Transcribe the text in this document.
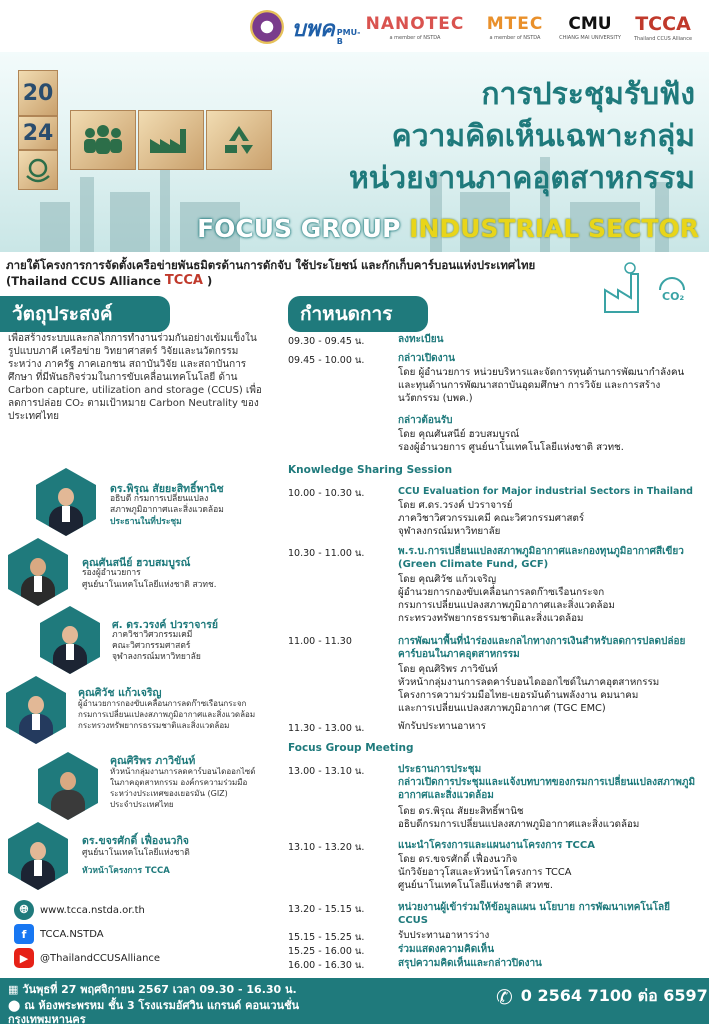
บพค PMU-B
NANOTEC
a member of NSTDA
MTEC
a member of NSTDA
CMU
CHIANG MAI UNIVERSITY
TCCA
Thailand CCUS Alliance
20
24
การประชุมรับฟัง
ความคิดเห็นเฉพาะกลุ่ม
หน่วยงานภาคอุตสาหกรรม
FOCUS GROUP INDUSTRIAL SECTOR
ภายใต้โครงการการจัดตั้งเครือข่ายพันธมิตรด้านการดักจับ ใช้ประโยชน์ และกักเก็บคาร์บอนแห่งประเทศไทย
(Thailand CCUS Alliance TCCA )
CO₂
วัตถุประสงค์
เพื่อสร้างระบบและกลไกการทำงานร่วมกันอย่างเข้มแข็งในรูปแบบภาคี เครือข่าย วิทยาศาสตร์ วิจัยและนวัตกรรม ระหว่าง ภาครัฐ ภาคเอกชน สถาบันวิจัย และสถาบันการศึกษา ที่มีพันธกิจร่วมในการขับเคลื่อนเทคโนโลยี ด้าน Carbon capture, utilization and storage (CCUS) เพื่อลดการปล่อย CO₂ ตามเป้าหมาย Carbon Neutrality ของประเทศไทย
ดร.พิรุณ สัยยะสิทธิ์พานิช
อธิบดี กรมการเปลี่ยนแปลง
สภาพภูมิอากาศและสิ่งแวดล้อม
ประธานในที่ประชุม
คุณศันสนีย์ ฮวบสมบูรณ์
รองผู้อำนวยการ
ศูนย์นาโนเทคโนโลยีแห่งชาติ สวทช.
ศ. ดร.วรงค์ ปวราจารย์
ภาควิชาวิศวกรรมเคมี
คณะวิศวกรรมศาสตร์
จุฬาลงกรณ์มหาวิทยาลัย
คุณศิวัช แก้วเจริญ
ผู้อำนวยการกองขับเคลื่อนการลดก๊าซเรือนกระจก
กรมการเปลี่ยนแปลงสภาพภูมิอากาศและสิ่งแวดล้อม
กระทรวงทรัพยากรธรรมชาติและสิ่งแวดล้อม
คุณศิริพร ภาวิขันท์
หัวหน้ากลุ่มงานการลดคาร์บอนไดออกไซด์
ในภาคอุตสาหกรรม องค์กรความร่วมมือ
ระหว่างประเทศของเยอรมัน (GIZ)
ประจำประเทศไทย
ดร.ขจรศักดิ์ เฟื่องนวกิจ
ศูนย์นาโนเทคโนโลยีแห่งชาติ
หัวหน้าโครงการ TCCA
🌐︎	www.tcca.nstda.or.th
f	TCCA.NSTDA
▶	@ThailandCCUSAlliance
กำหนดการ
09.30 - 09.45 น.	ลงทะเบียน
09.45 - 10.00 น.	กล่าวเปิดงาน
โดย ผู้อำนวยการ หน่วยบริหารและจัดการทุนด้านการพัฒนากำลังคน และทุนด้านการพัฒนาสถาบันอุดมศึกษา การวิจัย และการสร้างนวัตกรรม (บพค.)
กล่าวต้อนรับ
โดย คุณศันสนีย์ ฮวบสมบูรณ์
รองผู้อำนวยการ ศูนย์นาโนเทคโนโลยีแห่งชาติ สวทช.
Knowledge Sharing Session
10.00 - 10.30 น.	CCU Evaluation for Major industrial Sectors in Thailand
โดย ศ.ดร.วรงค์ ปวราจารย์
ภาควิชาวิศวกรรมเคมี คณะวิศวกรรมศาสตร์
จุฬาลงกรณ์มหาวิทยาลัย
10.30 - 11.00 น.	พ.ร.บ.การเปลี่ยนแปลงสภาพภูมิอากาศและกองทุนภูมิอากาศสีเขียว (Green Climate Fund, GCF)
โดย คุณศิวัช แก้วเจริญ
ผู้อำนวยการกองขับเคลื่อนการลดก๊าซเรือนกระจก
กรมการเปลี่ยนแปลงสภาพภูมิอากาศและสิ่งแวดล้อม
กระทรวงทรัพยากรธรรมชาติและสิ่งแวดล้อม
11.00 - 11.30	การพัฒนาพื้นที่นำร่องและกลไกทางการเงินสำหรับลดการปลดปล่อยคาร์บอนในภาคอุตสาหกรรม
โดย คุณศิริพร ภาวิขันท์
หัวหน้ากลุ่มงานการลดคาร์บอนไดออกไซด์ในภาคอุตสาหกรรม
โครงการความร่วมมือไทย-เยอรมันด้านพลังงาน คมนาคม
และการเปลี่ยนแปลงสภาพภูมิอากาศ (TGC EMC)
11.30 - 13.00 น.	พักรับประทานอาหาร
Focus Group Meeting
13.00 - 13.10 น.	ประธานการประชุม
กล่าวเปิดการประชุมและแจ้งบทบาทของกรมการเปลี่ยนแปลงสภาพภูมิอากาศและสิ่งแวดล้อม
โดย ดร.พิรุณ สัยยะสิทธิ์พานิช
อธิบดีกรมการเปลี่ยนแปลงสภาพภูมิอากาศและสิ่งแวดล้อม
13.10 - 13.20 น.	แนะนำโครงการและแผนงานโครงการ TCCA
โดย ดร.ขจรศักดิ์ เฟื่องนวกิจ
นักวิจัยอาวุโสและหัวหน้าโครงการ TCCA
ศูนย์นาโนเทคโนโลยีแห่งชาติ สวทช.
13.20 - 15.15 น.	หน่วยงานผู้เข้าร่วมให้ข้อมูลแผน นโยบาย การพัฒนาเทคโนโลยี CCUS
15.15 - 15.25 น.	รับประทานอาหารว่าง
15.25 - 16.00 น.	ร่วมแสดงความคิดเห็น
16.00 - 16.30 น.	สรุปความคิดเห็นและกล่าวปิดงาน
▦ วันพุธที่ 27 พฤศจิกายน 2567 เวลา 09.30 - 16.30 น.
⬤ ณ ห้องพระพรหม ชั้น 3 โรงแรมอัศวิน แกรนด์ คอนเวนชั่น
กรุงเทพมหานคร
✆ 0 2564 7100 ต่อ 6597
